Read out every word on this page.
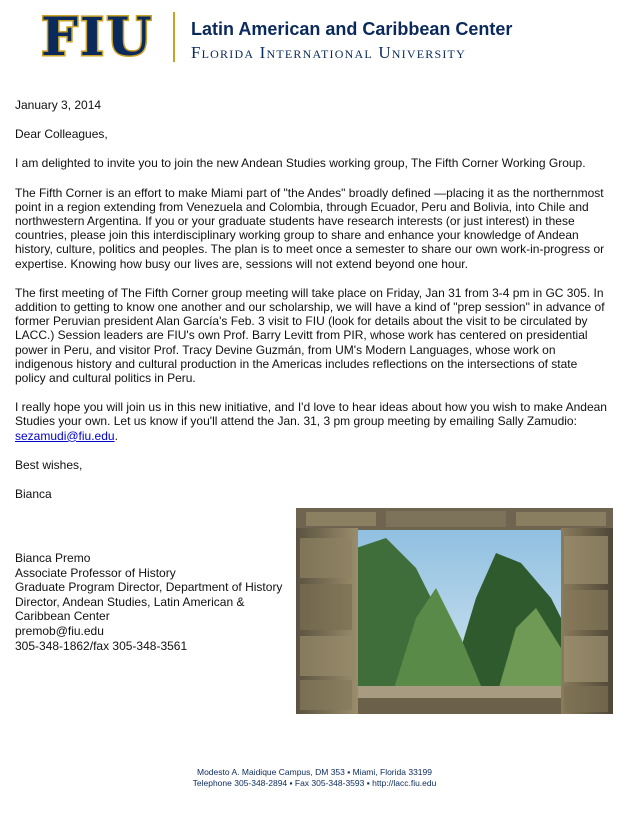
FIU Latin American and Caribbean Center
Florida International University

January 3, 2014

Dear Colleagues,

I am delighted to invite you to join the new Andean Studies working group, The Fifth Corner Working Group.

The Fifth Corner is an effort to make Miami part of "the Andes" broadly defined —placing it as the northernmost point in a region extending from Venezuela and Colombia, through Ecuador, Peru and Bolivia, into Chile and northwestern Argentina. If you or your graduate students have research interests (or just interest) in these countries, please join this interdisciplinary working group to share and enhance your knowledge of Andean history, culture, politics and peoples. The plan is to meet once a semester to share our own work-in-progress or expertise. Knowing how busy our lives are, sessions will not extend beyond one hour.

The first meeting of The Fifth Corner group meeting will take place on Friday, Jan 31 from 3-4 pm in GC 305. In addition to getting to know one another and our scholarship, we will have a kind of "prep session" in advance of former Peruvian president Alan García's Feb. 3 visit to FIU (look for details about the visit to be circulated by LACC.) Session leaders are FIU's own Prof. Barry Levitt from PIR, whose work has centered on presidential power in Peru, and visitor Prof. Tracy Devine Guzmán, from UM's Modern Languages, whose work on indigenous history and cultural production in the Americas includes reflections on the intersections of state policy and cultural politics in Peru.

I really hope you will join us in this new initiative, and I'd love to hear ideas about how you wish to make Andean Studies your own. Let us know if you'll attend the Jan. 31, 3 pm group meeting by emailing Sally Zamudio: sezamudi@fiu.edu.

Best wishes,

Bianca

Bianca Premo
Associate Professor of History
Graduate Program Director, Department of History
Director, Andean Studies, Latin American &
Caribbean Center
premob@fiu.edu
305-348-1862/fax 305-348-3561
Modesto A. Maidique Campus, DM 353 ▪ Miami, Florida 33199
Telephone 305-348-2894 ▪ Fax 305-348-3593 ▪ http://lacc.fiu.edu
